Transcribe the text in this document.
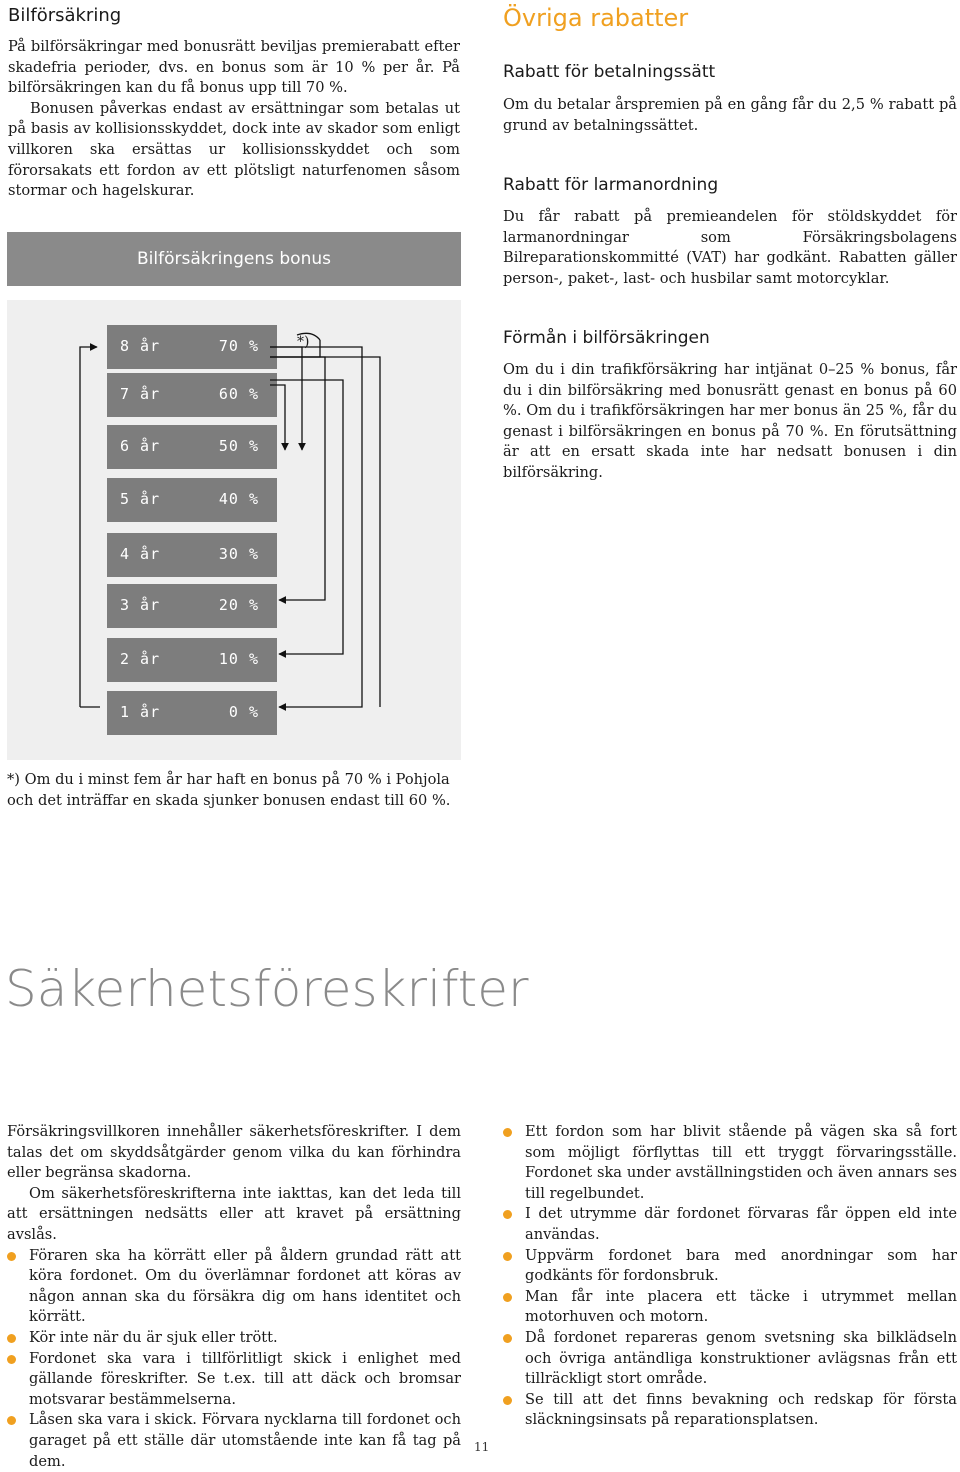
Bilförsäkring

På bilförsäkringar med bonusrätt beviljas premierabatt efter skadefria perioder, dvs. en bonus som är 10 % per år. På bilförsäkringen kan du få bonus upp till 70 %.

Bonusen påverkas endast av ersättningar som betalas ut på basis av kollisionsskyddet, dock inte av skador som enligt villkoren ska ersättas ur kollisionsskyddet och som förorsakats ett fordon av ett plötsligt naturfenomen såsom stormar och hagelskurar.

Bilförsäkringens bonus
8 år	70 %
7 år	60 %
6 år	50 %
5 år	40 %
4 år	30 %
3 år	20 %
2 år	10 %
1 år	0 %
*)
*) Om du i minst fem år har haft en bonus på 70 % i Pohjola och det inträffar en skada sjunker bonusen endast till 60 %.
Övriga rabatter
Rabatt för betalningssätt
Om du betalar årspremien på en gång får du 2,5 % rabatt på grund av betalningssättet.
Rabatt för larmanordning
Du får rabatt på premieandelen för stöldskyddet för larmanordningar som Försäkringsbolagens Bilreparationskommitté (VAT) har godkänt. Rabatten gäller person-, paket-, last- och husbilar samt motorcyklar.
Förmån i bilförsäkringen
Om du i din trafikförsäkring har intjänat 0–25 % bonus, får du i din bilförsäkring med bonusrätt genast en bonus på 60 %. Om du i trafikförsäkringen har mer bonus än 25 %, får du genast i bilförsäkringen en bonus på 70 %. En förutsättning är att en ersatt skada inte har nedsatt bonusen i din bilförsäkring.
Säkerhetsföreskrifter

Försäkringsvillkoren innehåller säkerhetsföreskrifter. I dem talas det om skyddsåtgärder genom vilka du kan förhindra eller begränsa skadorna.

Om säkerhetsföreskrifterna inte iakttas, kan det leda till att ersättningen nedsätts eller att kravet på ersättning avslås.

Föraren ska ha körrätt eller på åldern grundad rätt att köra fordonet. Om du överlämnar fordonet att köras av någon annan ska du försäkra dig om hans identitet och körrätt.
Kör inte när du är sjuk eller trött.
Fordonet ska vara i tillförlitligt skick i enlighet med gällande föreskrifter. Se t.ex. till att däck och bromsar motsvarar bestämmelserna.
Låsen ska vara i skick. Förvara nycklarna till fordonet och garaget på ett ställe där utomstående inte kan få tag på dem.
Ett fordon som har blivit stående på vägen ska så fort som möjligt förflyttas till ett tryggt förvaringsställe. Fordonet ska under avställningstiden och även annars ses till regelbundet.
I det utrymme där fordonet förvaras får öppen eld inte användas.
Uppvärm fordonet bara med anordningar som har godkänts för fordonsbruk.
Man får inte placera ett täcke i utrymmet mellan motorhuven och motorn.
Då fordonet repareras genom svetsning ska bilklädseln och övriga antändliga konstruktioner avlägsnas från ett tillräckligt stort område.
Se till att det finns bevakning och redskap för första släckningsinsats på reparationsplatsen.
11
